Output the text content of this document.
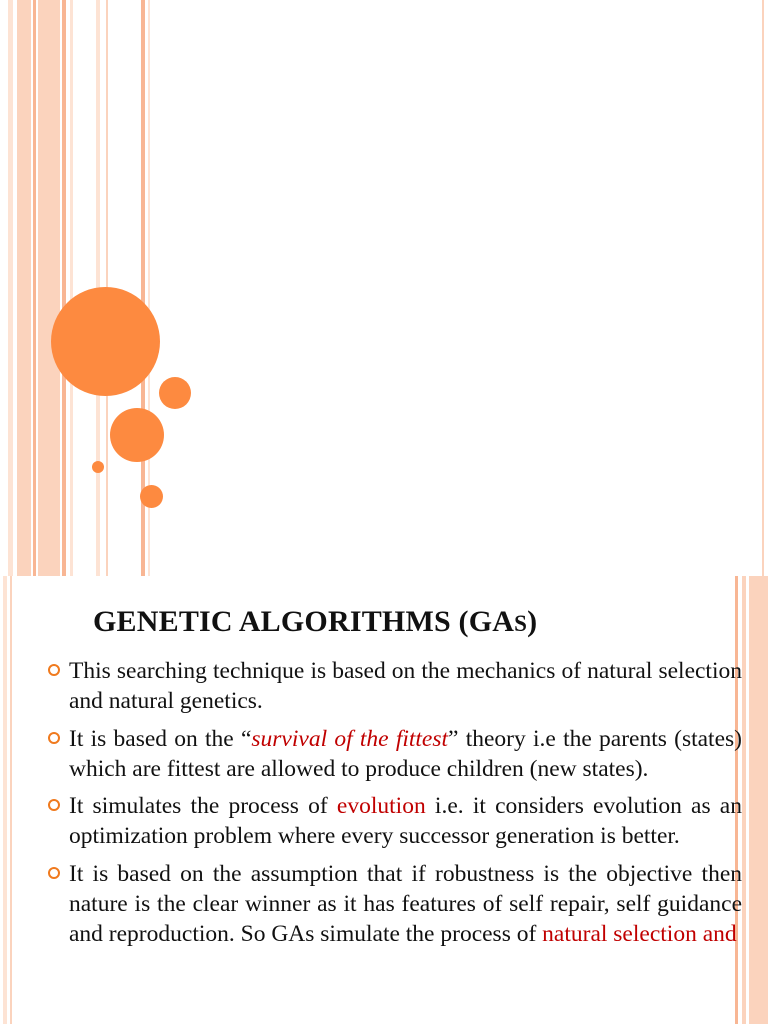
GENETIC ALGORITHMS (GAS)

This searching technique is based on the mechanics of natural selection and natural genetics.

It is based on the “survival of the fittest” theory i.e the parents (states) which are fittest are allowed to produce children (new states).

It simulates the process of evolution i.e. it considers evolution as an optimization problem where every successor generation is better.

It is based on the assumption that if robustness is the objective then nature is the clear winner as it has features of self repair, self guidance and reproduction. So GAs simulate the process of natural selection and
